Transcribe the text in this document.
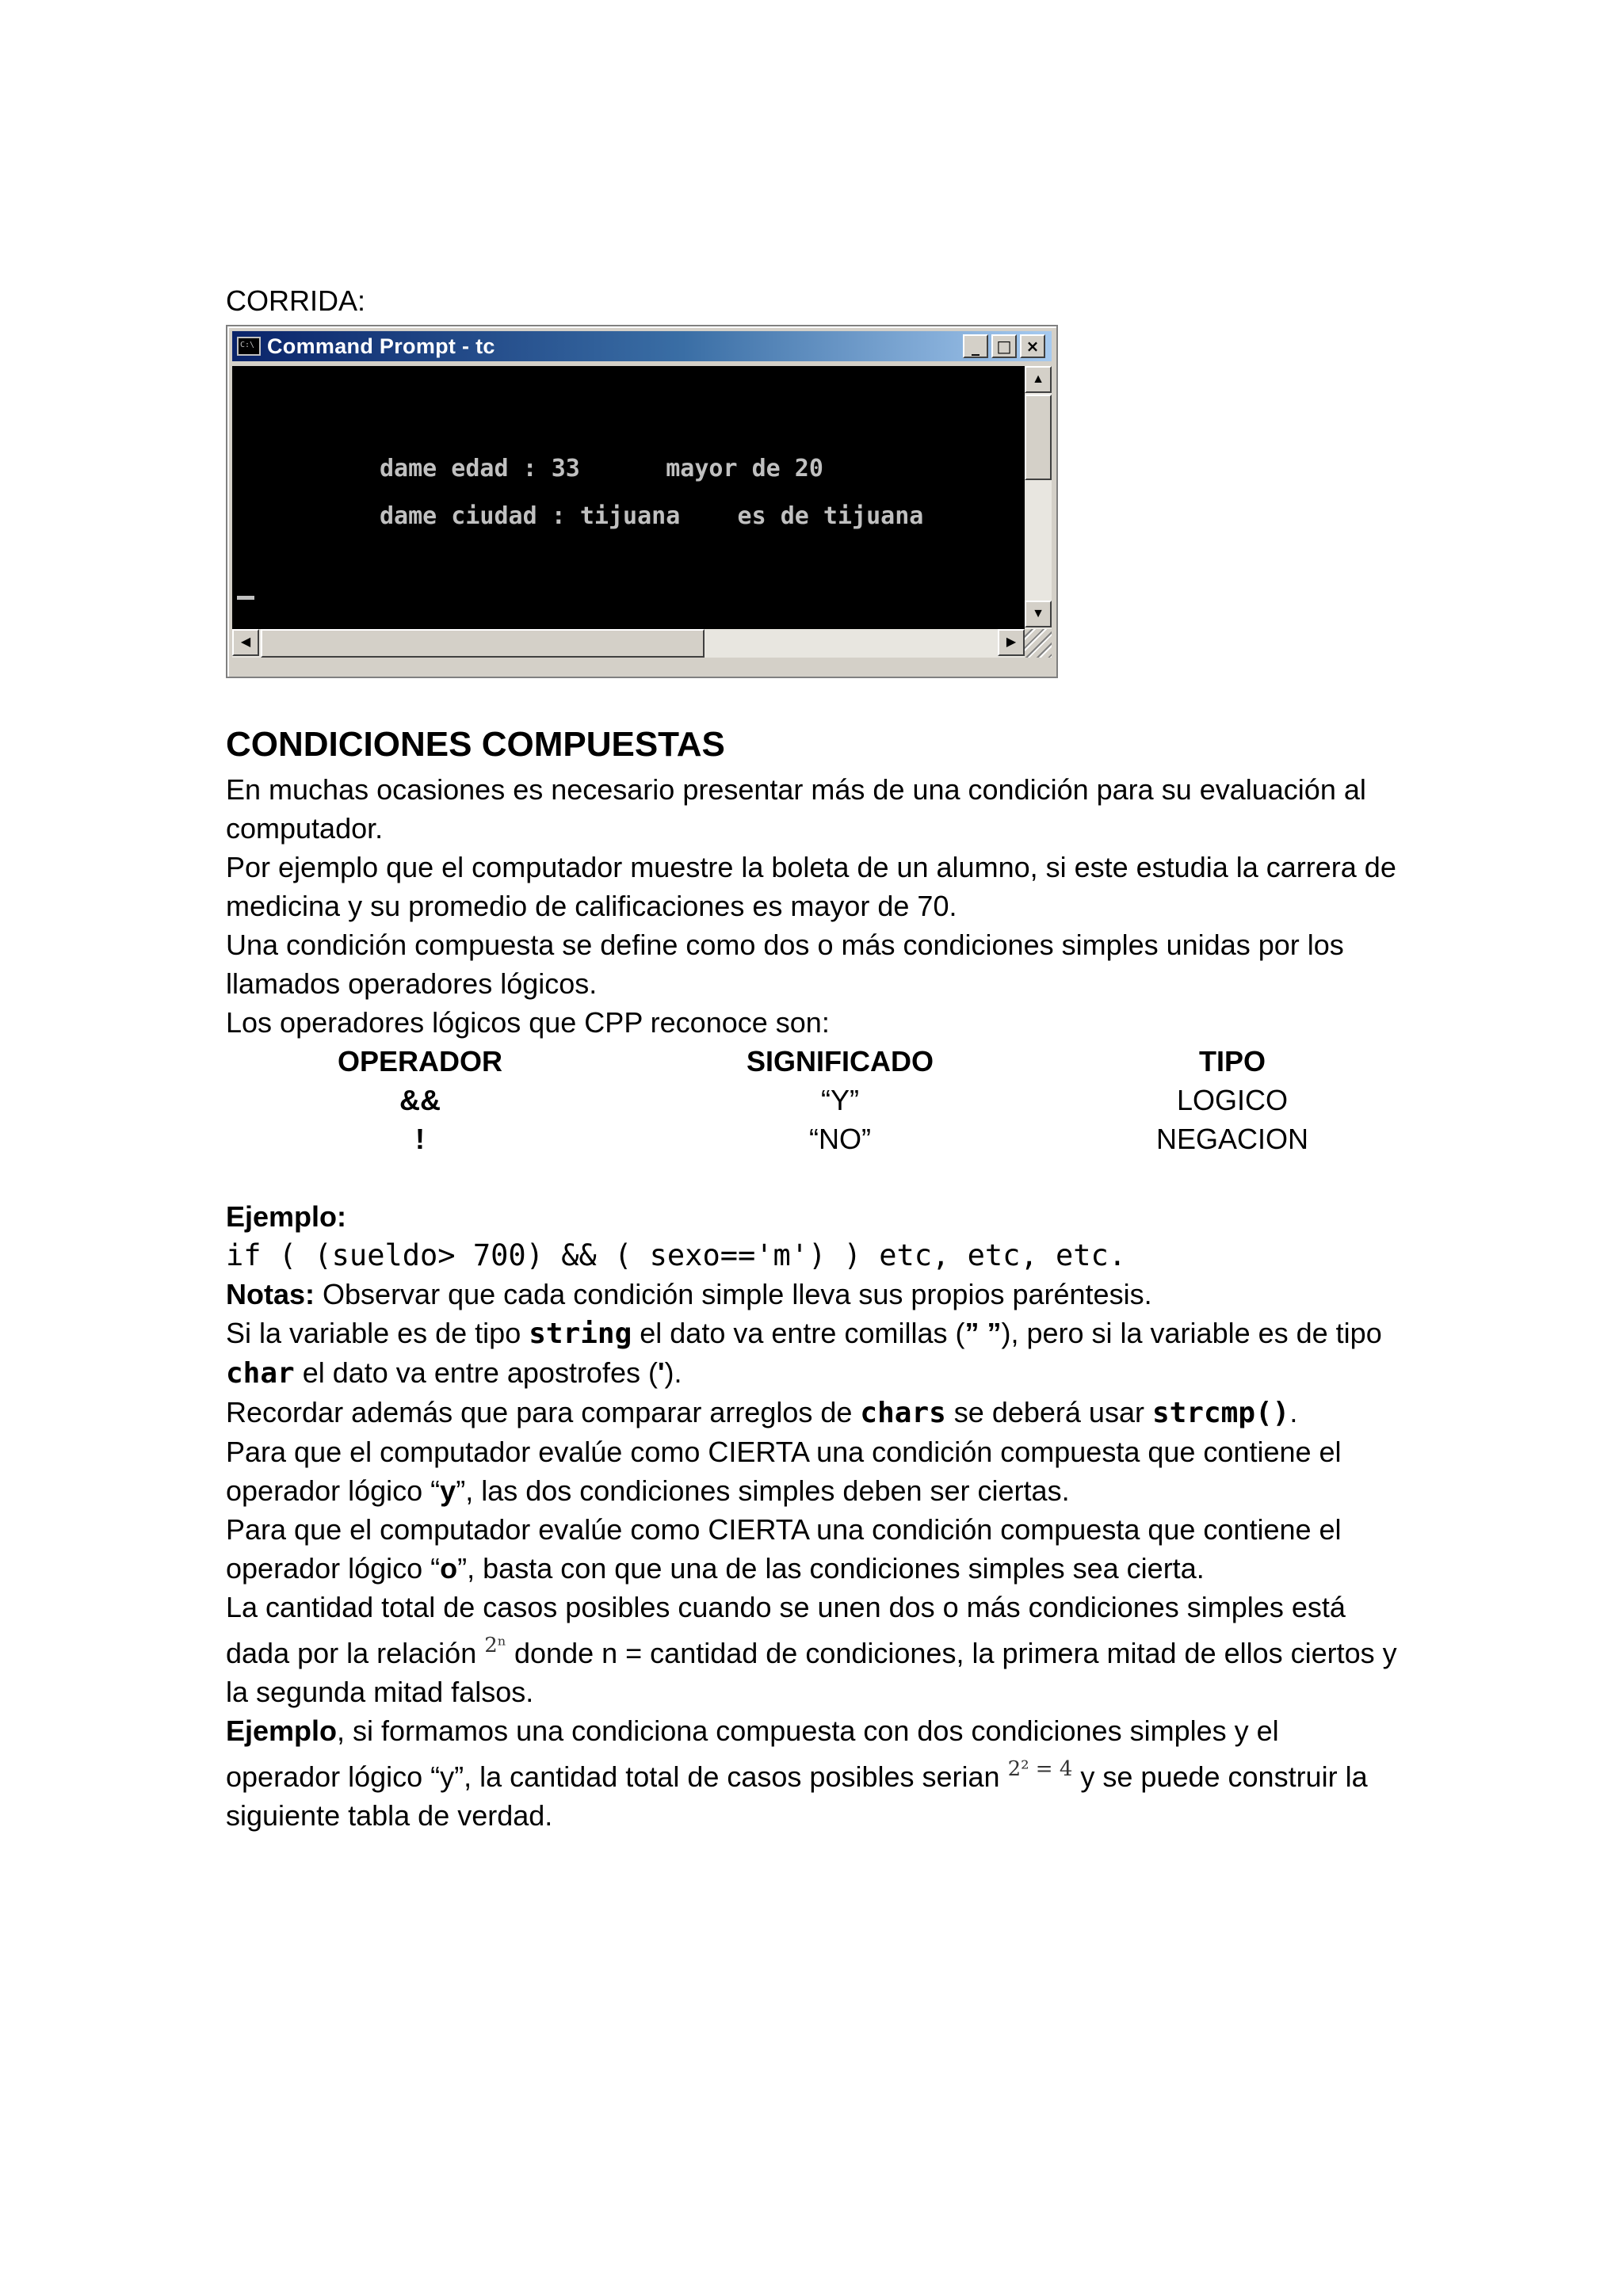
CORRIDA:

C:\ Command Prompt - tc	_	□ ×
dame edad : 33      mayor de 20
dame ciudad : tijuana    es de tijuana
▲
▼
◀	▶
CONDICIONES COMPUESTAS

En muchas ocasiones es necesario presentar más de una condición para su evaluación al computador.

Por ejemplo que el computador muestre la boleta de un alumno, si este estudia la carrera de medicina y su promedio de calificaciones es mayor de 70.

Una condición compuesta se define como dos o más condiciones simples unidas por los llamados operadores lógicos.

Los operadores lógicos que CPP reconoce son:

OPERADOR	SIGNIFICADO	TIPO
&&	“Y”	LOGICO
!	“NO”	NEGACION

Ejemplo:

if ( (sueldo> 700) && ( sexo=='m') ) etc, etc, etc.

Notas: Observar que cada condición simple lleva sus propios paréntesis.

Si la variable es de tipo string el dato va entre comillas (” ”), pero si la variable es de tipo char el dato va entre apostrofes (').

Recordar además que para comparar arreglos de chars se deberá usar strcmp().

Para que el computador evalúe como CIERTA una condición compuesta que contiene el operador lógico “y”, las dos condiciones simples deben ser ciertas.

Para que el computador evalúe como CIERTA una condición compuesta que contiene el operador lógico “o”, basta con que una de las condiciones simples sea cierta.

La cantidad total de casos posibles cuando se unen dos o más condiciones simples está dada por la relación $^{2^n}$ donde n = cantidad de condiciones, la primera mitad de ellos ciertos y la segunda mitad falsos.

Ejemplo, si formamos una condiciona compuesta con dos condiciones simples y el operador lógico “y”, la cantidad total de casos posibles serian $^{2^2 = 4}$ y se puede construir la siguiente tabla de verdad.
